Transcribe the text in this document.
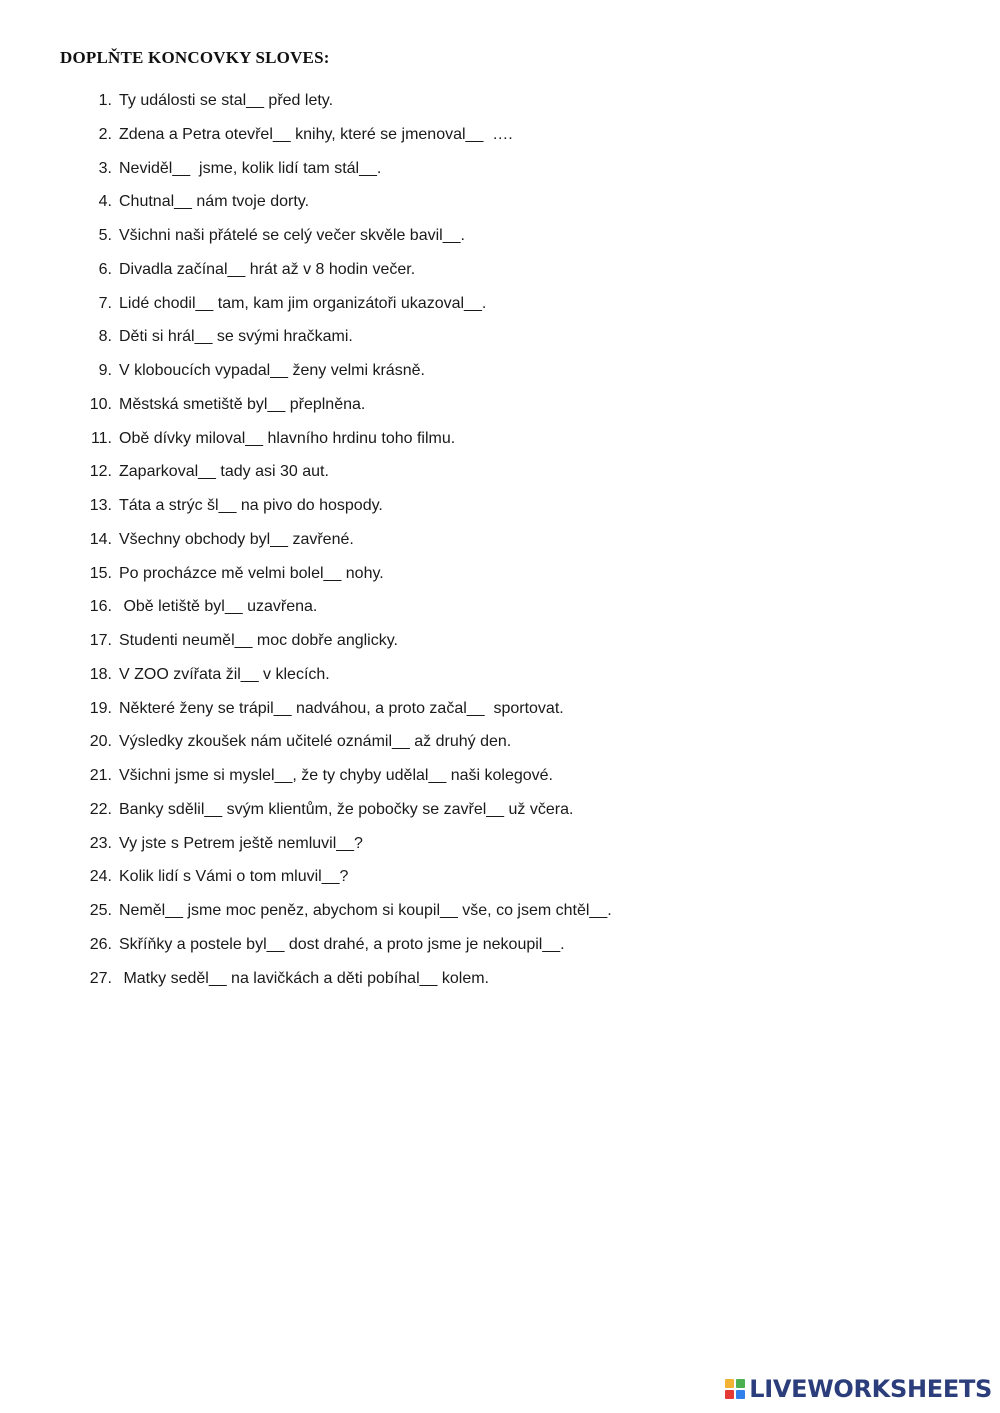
DOPLŇTE KONCOVKY SLOVES:
1. Ty události se stal__ před lety.
2. Zdena a Petra otevřel__ knihy, které se jmenoval__  ….
3. Neviděl__  jsme, kolik lidí tam stál__.
4. Chutnal__ nám tvoje dorty.
5. Všichni naši přátelé se celý večer skvěle bavil__.
6. Divadla začínal__ hrát až v 8 hodin večer.
7. Lidé chodil__ tam, kam jim organizátoři ukazoval__.
8. Děti si hrál__ se svými hračkami.
9. V kloboucích vypadal__ ženy velmi krásně.
10. Městská smetiště byl__ přeplněna.
11. Obě dívky miloval__ hlavního hrdinu toho filmu.
12. Zaparkoval__ tady asi 30 aut.
13. Táta a strýc šl__ na pivo do hospody.
14. Všechny obchody byl__ zavřené.
15. Po procházce mě velmi bolel__ nohy.
16. Obě letiště byl__ uzavřena.
17. Studenti neuměl__ moc dobře anglicky.
18. V ZOO zvířata žil__ v klecích.
19. Některé ženy se trápil__ nadváhou, a proto začal__  sportovat.
20. Výsledky zkoušek nám učitelé oznámil__ až druhý den.
21. Všichni jsme si myslel__, že ty chyby udělal__ naši kolegové.
22. Banky sdělil__ svým klientům, že pobočky se zavřel__ už včera.
23. Vy jste s Petrem ještě nemluvil__?
24. Kolik lidí s Vámi o tom mluvil__?
25. Neměl__ jsme moc peněz, abychom si koupil__ vše, co jsem chtěl__.
26. Skříňky a postele byl__ dost drahé, a proto jsme je nekoupil__.
27. Matky seděl__ na lavičkách a děti pobíhal__ kolem.
LIVEWORKSHEETS
